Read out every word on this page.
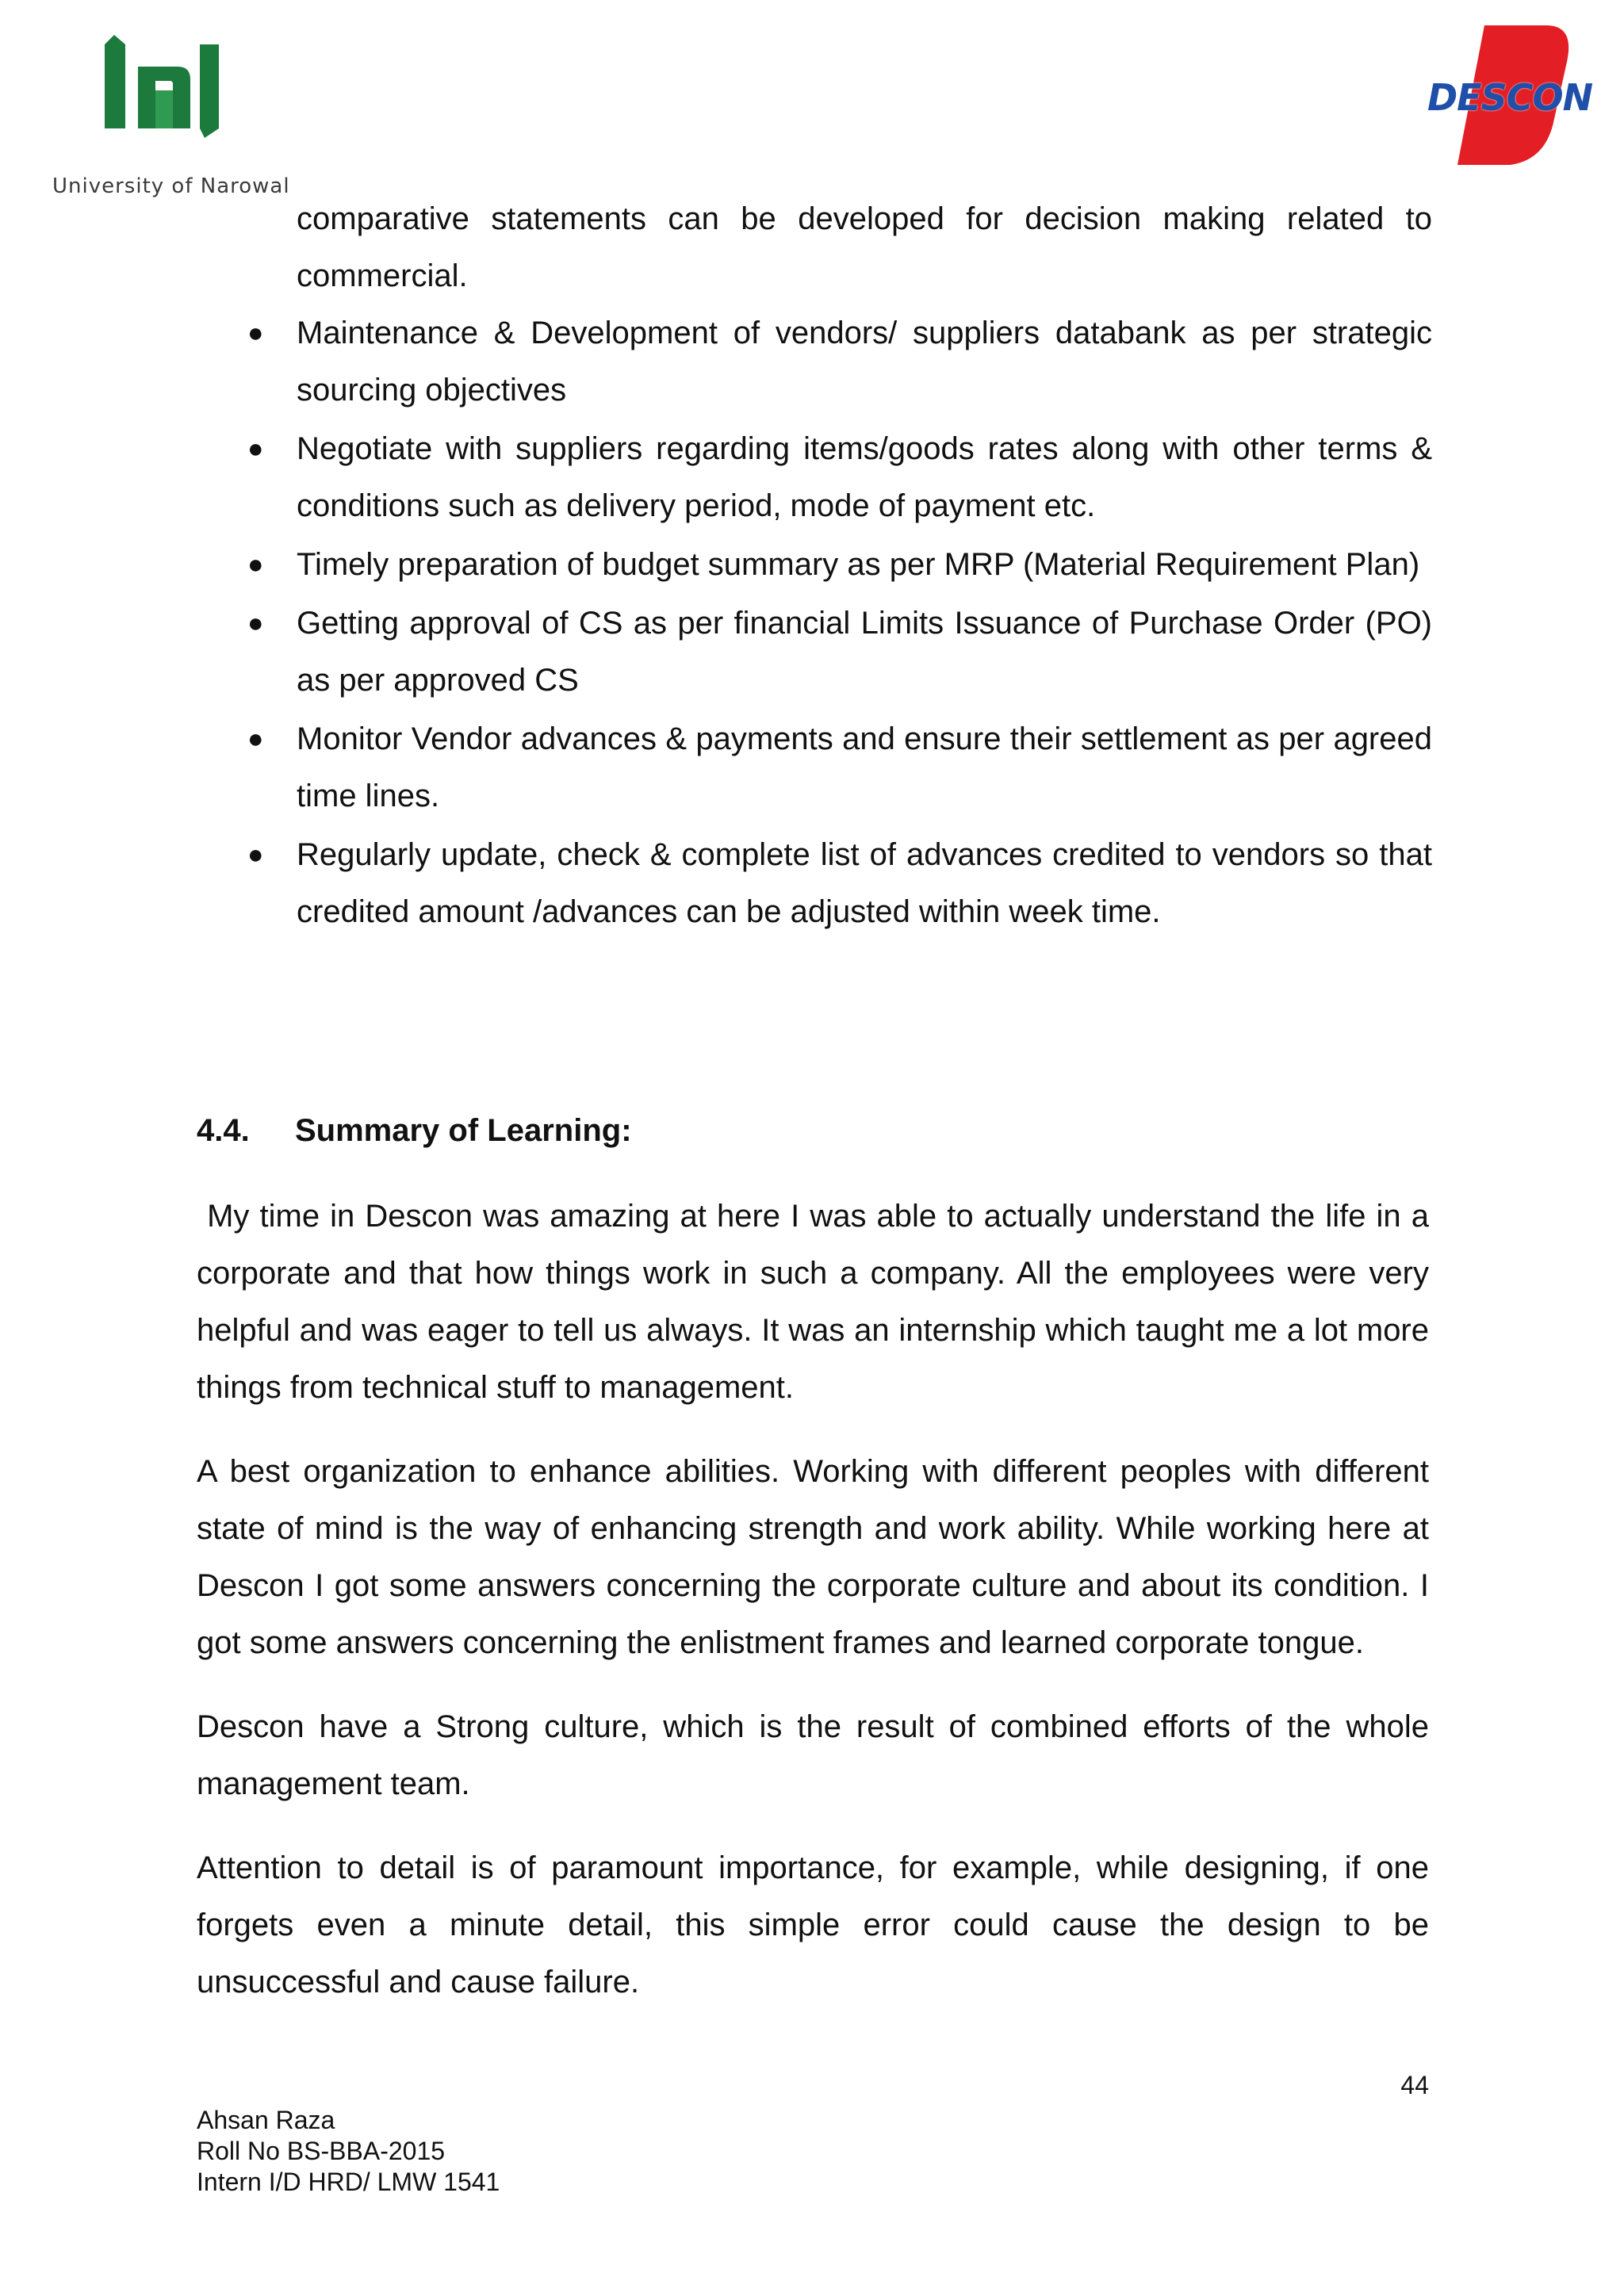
University of Narowal
DESCON
comparative statements can be developed for decision making related to commercial.
● Maintenance & Development of vendors/ suppliers databank as per strategic sourcing objectives
● Negotiate with suppliers regarding items/goods rates along with other terms & conditions such as delivery period, mode of payment etc.
● Timely preparation of budget summary as per MRP (Material Requirement Plan)
● Getting approval of CS as per financial Limits Issuance of Purchase Order (PO) as per approved CS
● Monitor Vendor advances & payments and ensure their settlement as per agreed time lines.
● Regularly update, check & complete list of advances credited to vendors so that credited amount /advances can be adjusted within week time.
4.4. Summary of Learning:

My time in Descon was amazing at here I was able to actually understand the life in a corporate and that how things work in such a company. All the employees were very helpful and was eager to tell us always. It was an internship which taught me a lot more things from technical stuff to management.

A best organization to enhance abilities. Working with different peoples with different state of mind is the way of enhancing strength and work ability. While working here at Descon I got some answers concerning the corporate culture and about its condition. I got some answers concerning the enlistment frames and learned corporate tongue.

Descon have a Strong culture, which is the result of combined efforts of the whole management team.

Attention to detail is of paramount importance, for example, while designing, if one forgets even a minute detail, this simple error could cause the design to be unsuccessful and cause failure.

44
Ahsan Raza
Roll No BS-BBA-2015
Intern I/D HRD/ LMW 1541
